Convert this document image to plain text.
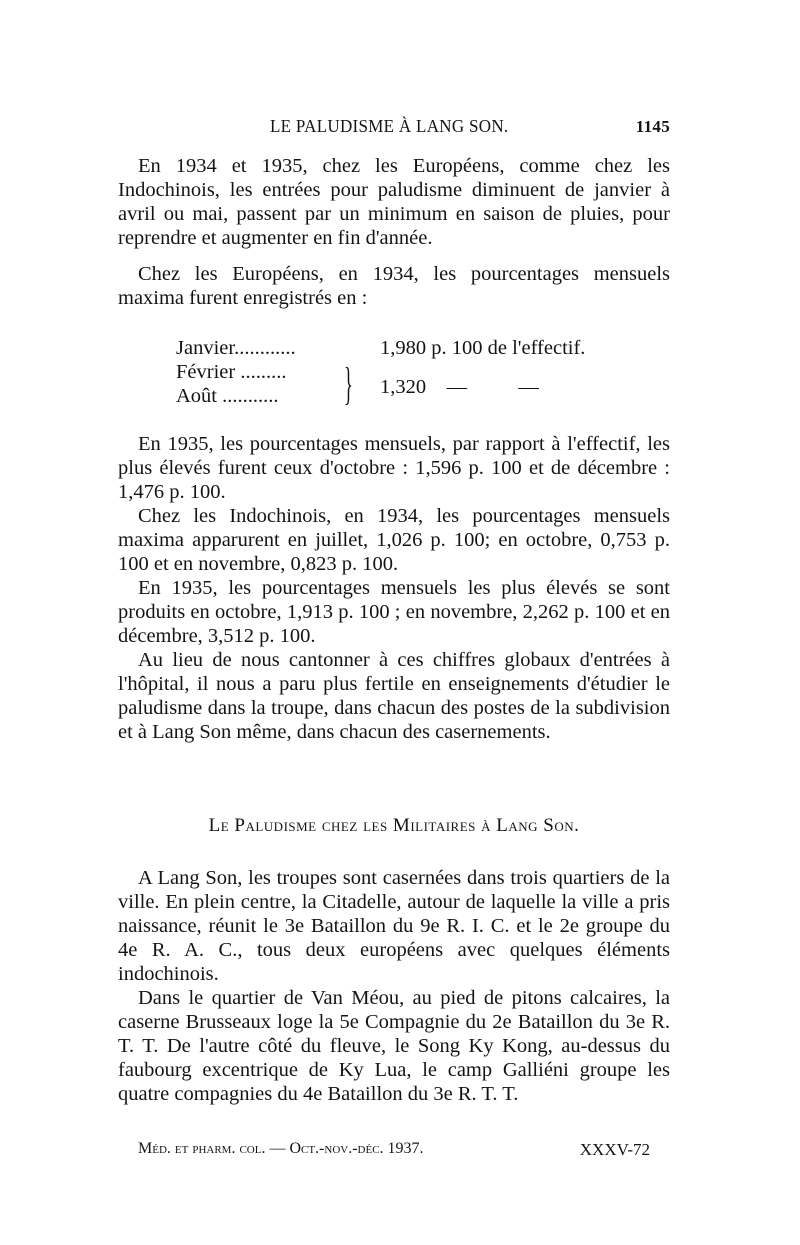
LE PALUDISME À LANG SON.	1145

En 1934 et 1935, chez les Européens, comme chez les Indochinois, les entrées pour paludisme diminuent de janvier à avril ou mai, passent par un minimum en saison de pluies, pour reprendre et augmenter en fin d'année.

Chez les Européens, en 1934, les pourcentages mensuels maxima furent enregistrés en :

Janvier............	1,980 p. 100 de l'effectif.
Février .........
Août ........... } 1,320    —          —

En 1935, les pourcentages mensuels, par rapport à l'effectif, les plus élevés furent ceux d'octobre : 1,596 p. 100 et de décembre : 1,476 p. 100.

Chez les Indochinois, en 1934, les pourcentages mensuels maxima apparurent en juillet, 1,026 p. 100; en octobre, 0,753 p. 100 et en novembre, 0,823 p. 100.

En 1935, les pourcentages mensuels les plus élevés se sont produits en octobre, 1,913 p. 100 ; en novembre, 2,262 p. 100 et en décembre, 3,512 p. 100.

Au lieu de nous cantonner à ces chiffres globaux d'entrées à l'hôpital, il nous a paru plus fertile en enseignements d'étudier le paludisme dans la troupe, dans chacun des postes de la subdivision et à Lang Son même, dans chacun des casernements.

Le Paludisme chez les Militaires à Lang Son.

A Lang Son, les troupes sont casernées dans trois quartiers de la ville. En plein centre, la Citadelle, autour de laquelle la ville a pris naissance, réunit le 3e Bataillon du 9e R. I. C. et le 2e groupe du 4e R. A. C., tous deux européens avec quelques éléments indochinois.

Dans le quartier de Van Méou, au pied de pitons calcaires, la caserne Brusseaux loge la 5e Compagnie du 2e Bataillon du 3e R. T. T. De l'autre côté du fleuve, le Song Ky Kong, au-dessus du faubourg excentrique de Ky Lua, le camp Galliéni groupe les quatre compagnies du 4e Bataillon du 3e R. T. T.

Méd. et pharm. col. — Oct.-nov.-déc. 1937.	XXXV-72
